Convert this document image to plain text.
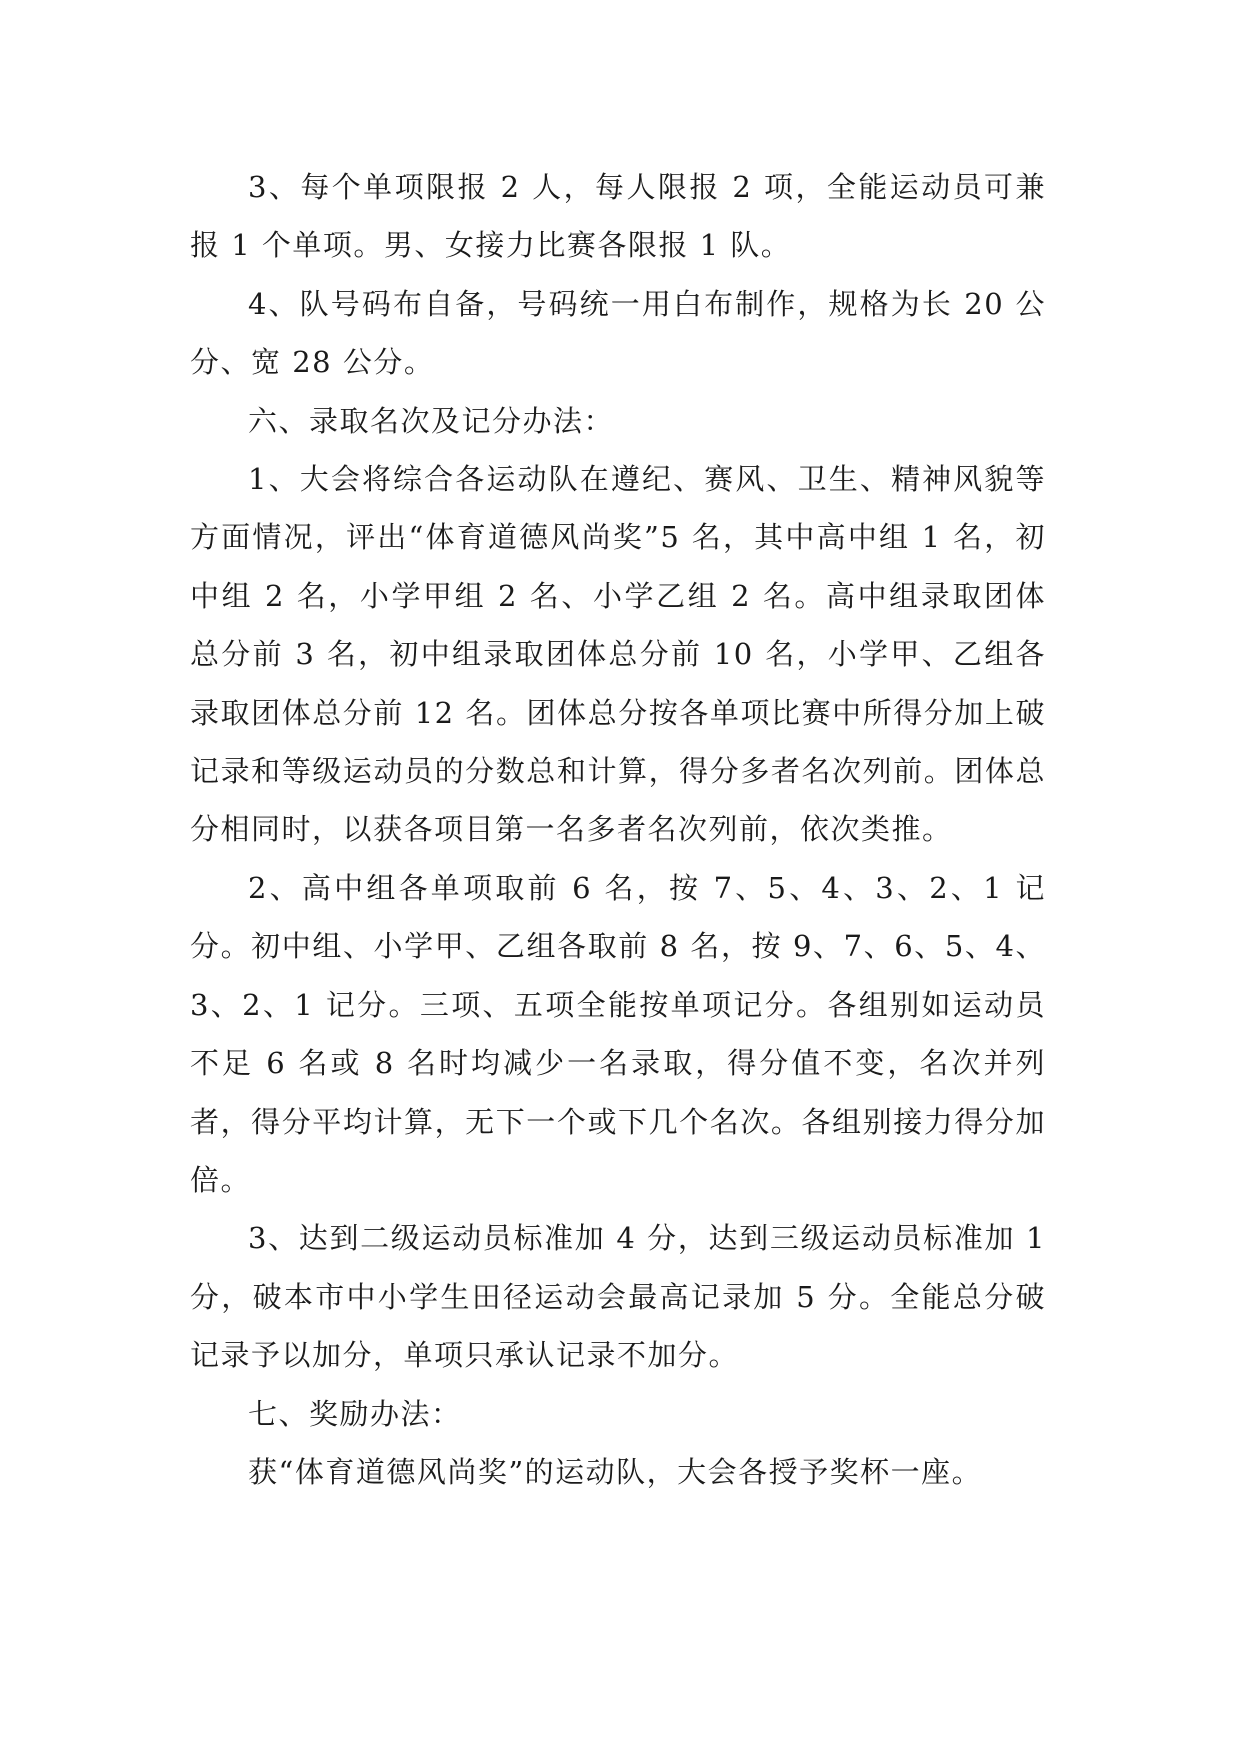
3、每个单项限报 2 人，每人限报 2 项，全能运动员可兼报 1 个单项。男、女接力比赛各限报 1 队。

4、队号码布自备，号码统一用白布制作，规格为长 20 公分、宽 28 公分。

六、录取名次及记分办法：

1、大会将综合各运动队在遵纪、赛风、卫生、精神风貌等方面情况，评出“体育道德风尚奖”5 名，其中高中组 1 名，初中组 2 名，小学甲组 2 名、小学乙组 2 名。高中组录取团体总分前 3 名，初中组录取团体总分前 10 名，小学甲、乙组各录取团体总分前 12 名。团体总分按各单项比赛中所得分加上破记录和等级运动员的分数总和计算，得分多者名次列前。团体总分相同时，以获各项目第一名多者名次列前，依次类推。

2、高中组各单项取前 6 名，按 7、5、4、3、2、1 记分。初中组、小学甲、乙组各取前 8 名，按 9、7、6、5、4、3、2、1 记分。三项、五项全能按单项记分。各组别如运动员不足 6 名或 8 名时均减少一名录取，得分值不变，名次并列者，得分平均计算，无下一个或下几个名次。各组别接力得分加倍。

3、达到二级运动员标准加 4 分，达到三级运动员标准加 1 分，破本市中小学生田径运动会最高记录加 5 分。全能总分破记录予以加分，单项只承认记录不加分。

七、奖励办法：

获“体育道德风尚奖”的运动队，大会各授予奖杯一座。
